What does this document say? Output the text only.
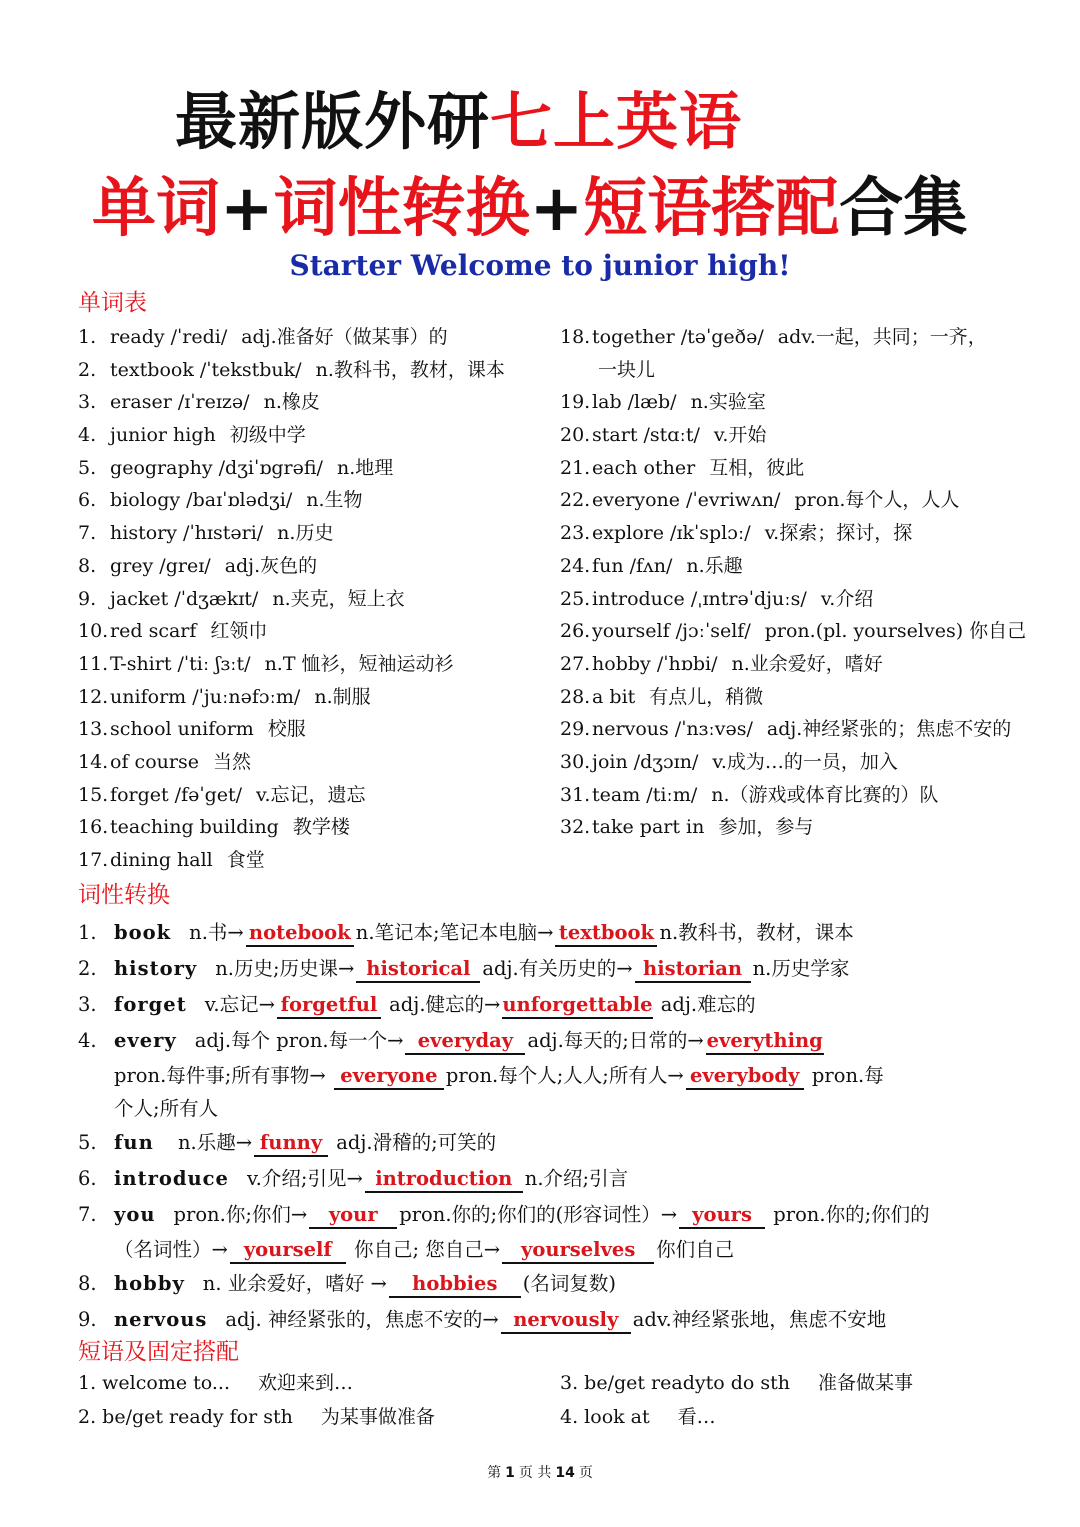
最新版外研七上英语
单词+词性转换+短语搭配合集
Starter Welcome to junior high!
单词表
1. ready /ˈredi/ adj.准备好（做某事）的
2. textbook /ˈtekstbuk/ n.教科书，教材，课本
3. eraser /ɪˈreɪzə/ n.橡皮
4. junior high 初级中学
5. geography /dʒiˈɒgrəfi/ n.地理
6. biology /baɪˈɒlədʒi/ n.生物
7. history /ˈhɪstəri/ n.历史
8. grey /greɪ/ adj.灰色的
9. jacket /ˈdʒækɪt/ n.夹克，短上衣
10. red scarf 红领巾
11. T-shirt /ˈtiː ʃɜːt/ n.T 恤衫，短袖运动衫
12. uniform /ˈjuːnəfɔːm/ n.制服
13. school uniform 校服
14. of course 当然
15. forget /fəˈget/ v.忘记，遗忘
16. teaching building 教学楼
17. dining hall 食堂
18. together /təˈgeðə/ adv.一起，共同；一齐，
一块儿
19. lab /læb/ n.实验室
20. start /stɑːt/ v.开始
21. each other 互相，彼此
22. everyone /ˈevriwʌn/ pron.每个人，人人
23. explore /ɪkˈsplɔː/ v.探索；探讨，探
24. fun /fʌn/ n.乐趣
25. introduce /ˌɪntrəˈdjuːs/ v.介绍
26. yourself /jɔːˈself/ pron.(pl. yourselves) 你自己
27. hobby /ˈhɒbi/ n.业余爱好，嗜好
28. a bit 有点儿，稍微
29. nervous /ˈnɜːvəs/ adj.神经紧张的；焦虑不安的
30. join /dʒɔɪn/ v.成为…的一员，加入
31. team /tiːm/ n.（游戏或体育比赛的）队
32. take part in 参加，参与
词性转换
1. book n.书→ notebook n.笔记本;笔记本电脑→ textbook n.教科书，教材，课本
2. history n.历史;历史课→ historical adj.有关历史的→ historian n.历史学家
3. forget v.忘记→ forgetful adj.健忘的→ unforgettable adj.难忘的
4. every adj.每个 pron.每一个→ everyday adj.每天的;日常的→ everything
pron.每件事;所有事物→ everyone pron.每个人;人人;所有人→ everybody pron.每
个人;所有人
5. fun n.乐趣→ funny adj.滑稽的;可笑的
6. introduce v.介绍;引见→ introduction n.介绍;引言
7. you pron.你;你们→ your pron.你的;你们的(形容词性）→ yours pron.你的;你们的
（名词性）→ yourself 你自己; 您自己→ yourselves 你们自己
8. hobby n. 业余爱好，嗜好 → hobbies (名词复数)
9. nervous adj. 神经紧张的，焦虑不安的→ nervously adv.神经紧张地，焦虑不安地
短语及固定搭配
1. welcome to... 欢迎来到…
2. be/get ready for sth 为某事做准备
3. be/get readyto do sth 准备做某事
4. look at 看…
第 1 页 共 14 页
